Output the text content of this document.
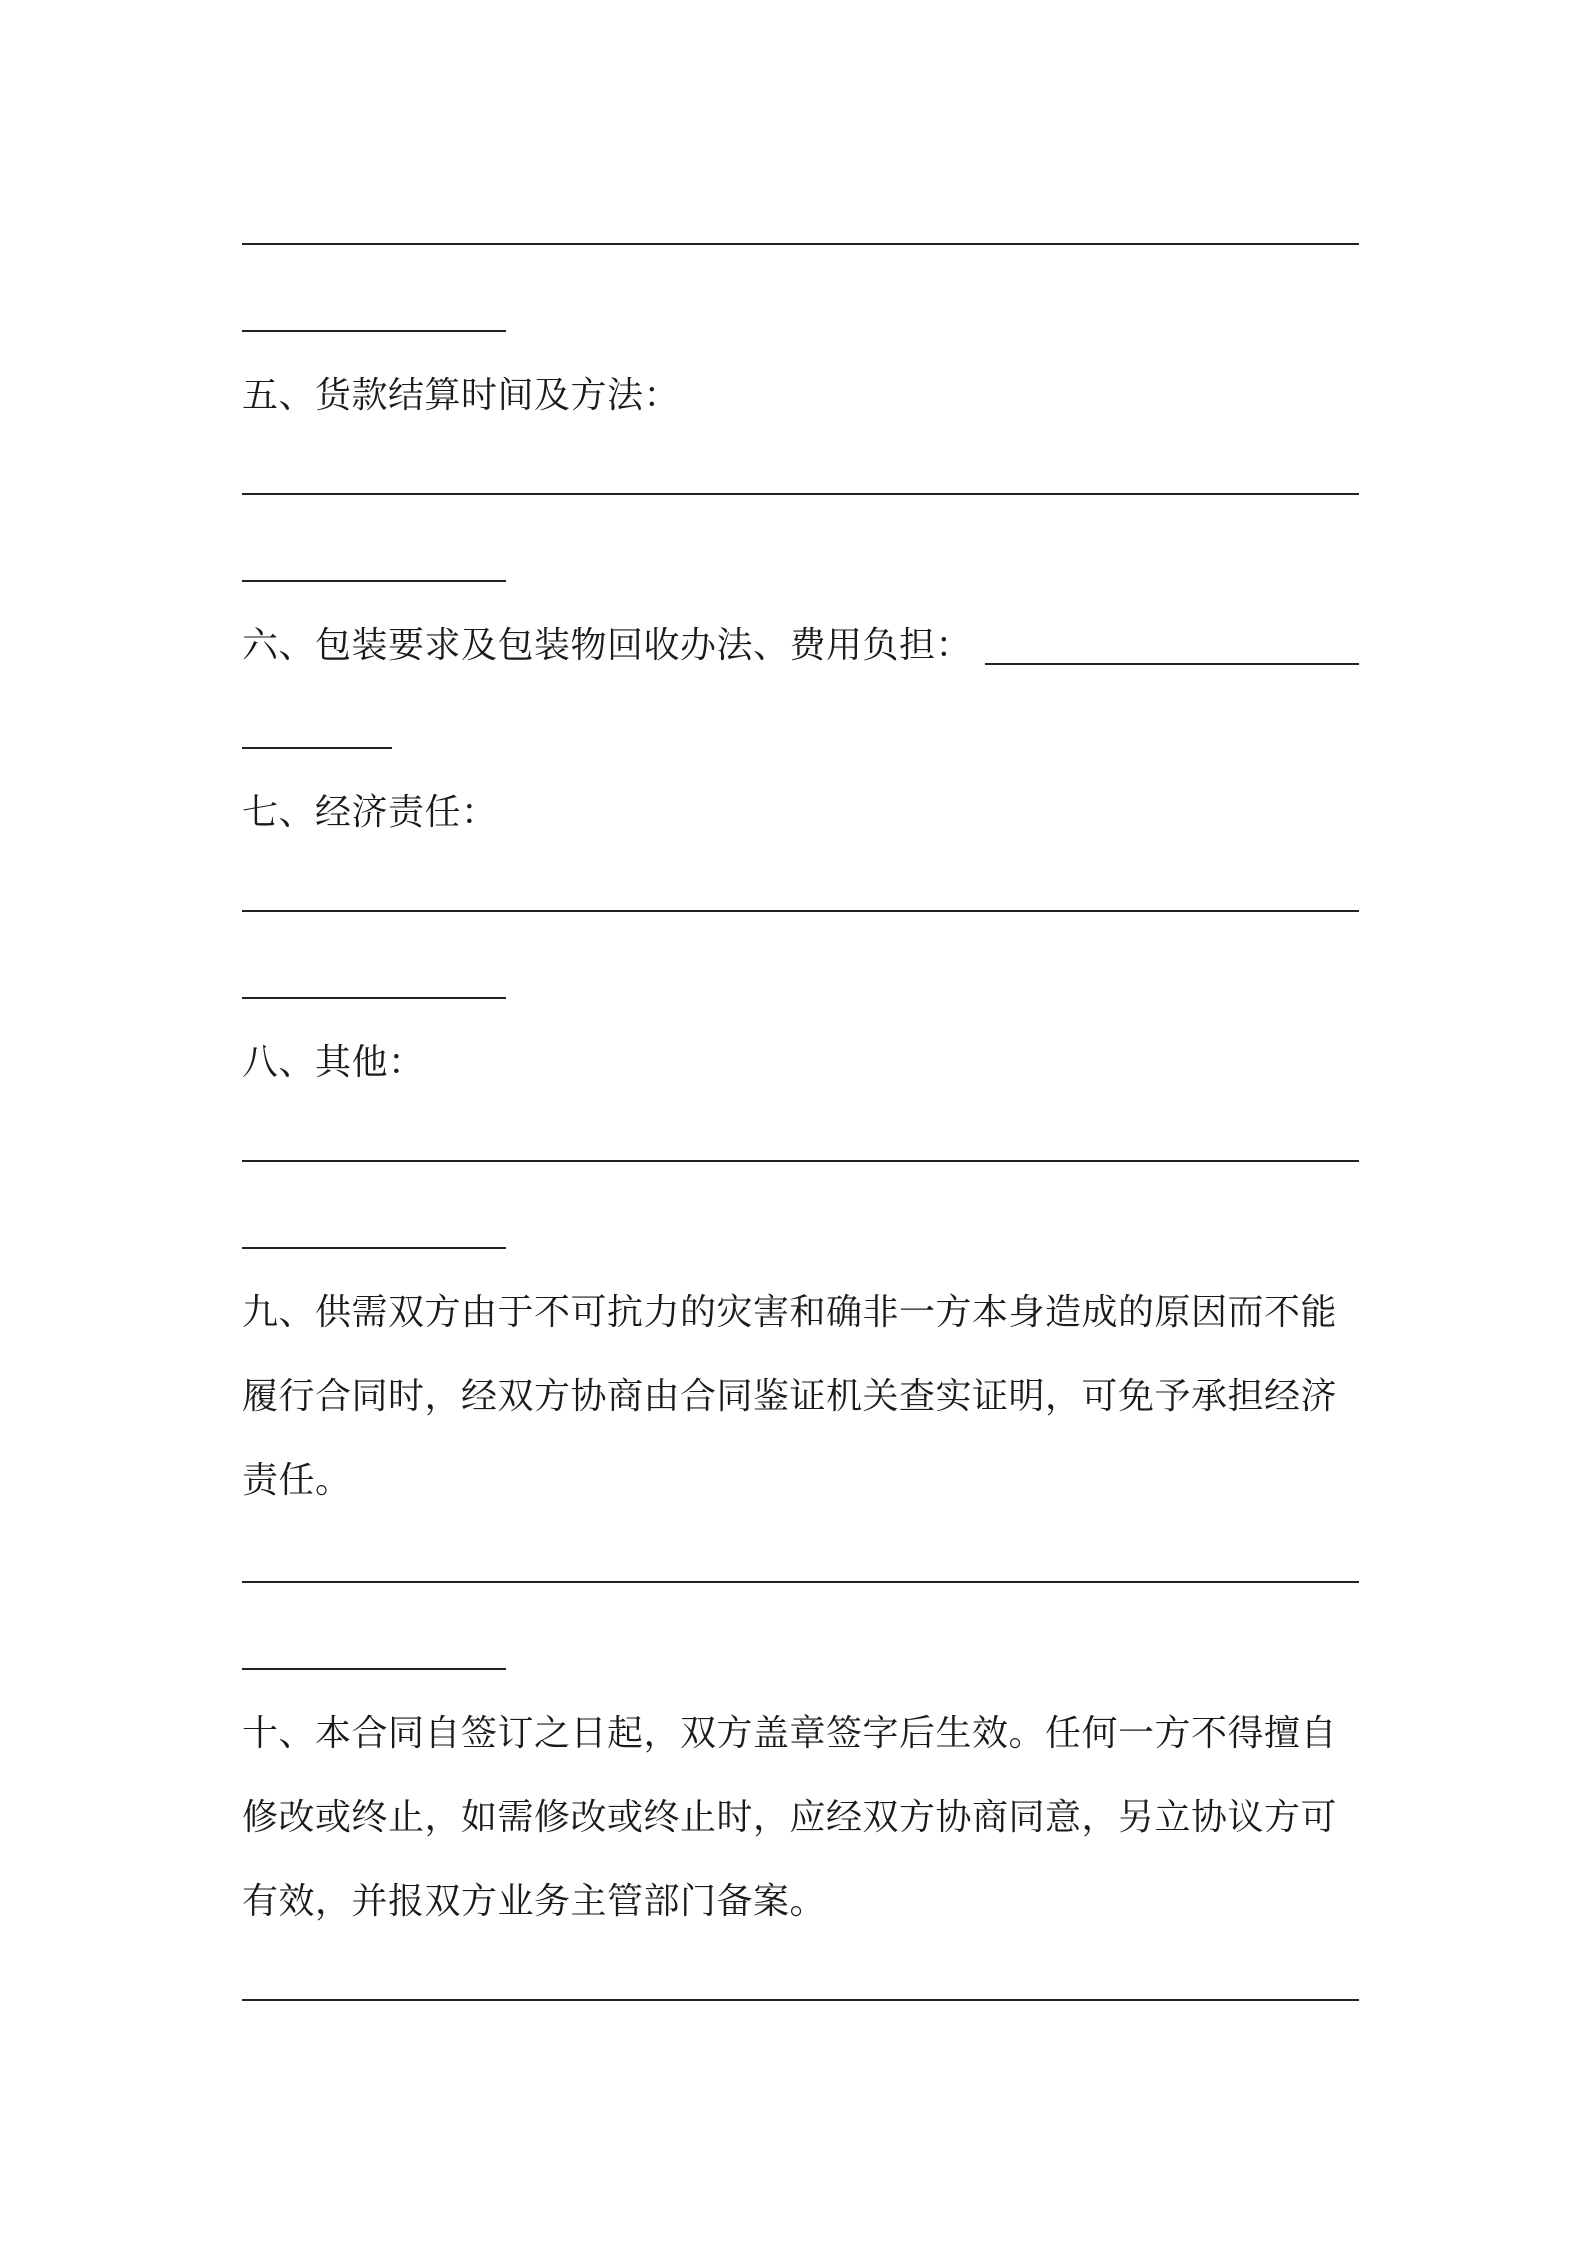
五、货款结算时间及方法：
六、包装要求及包装物回收办法、费用负担：
七、经济责任：
八、其他：
九、供需双方由于不可抗力的灾害和确非一方本身造成的原因而不能
履行合同时，经双方协商由合同鉴证机关查实证明，可免予承担经济
责任。
十、本合同自签订之日起，双方盖章签字后生效。任何一方不得擅自
修改或终止，如需修改或终止时，应经双方协商同意，另立协议方可
有效，并报双方业务主管部门备案。
